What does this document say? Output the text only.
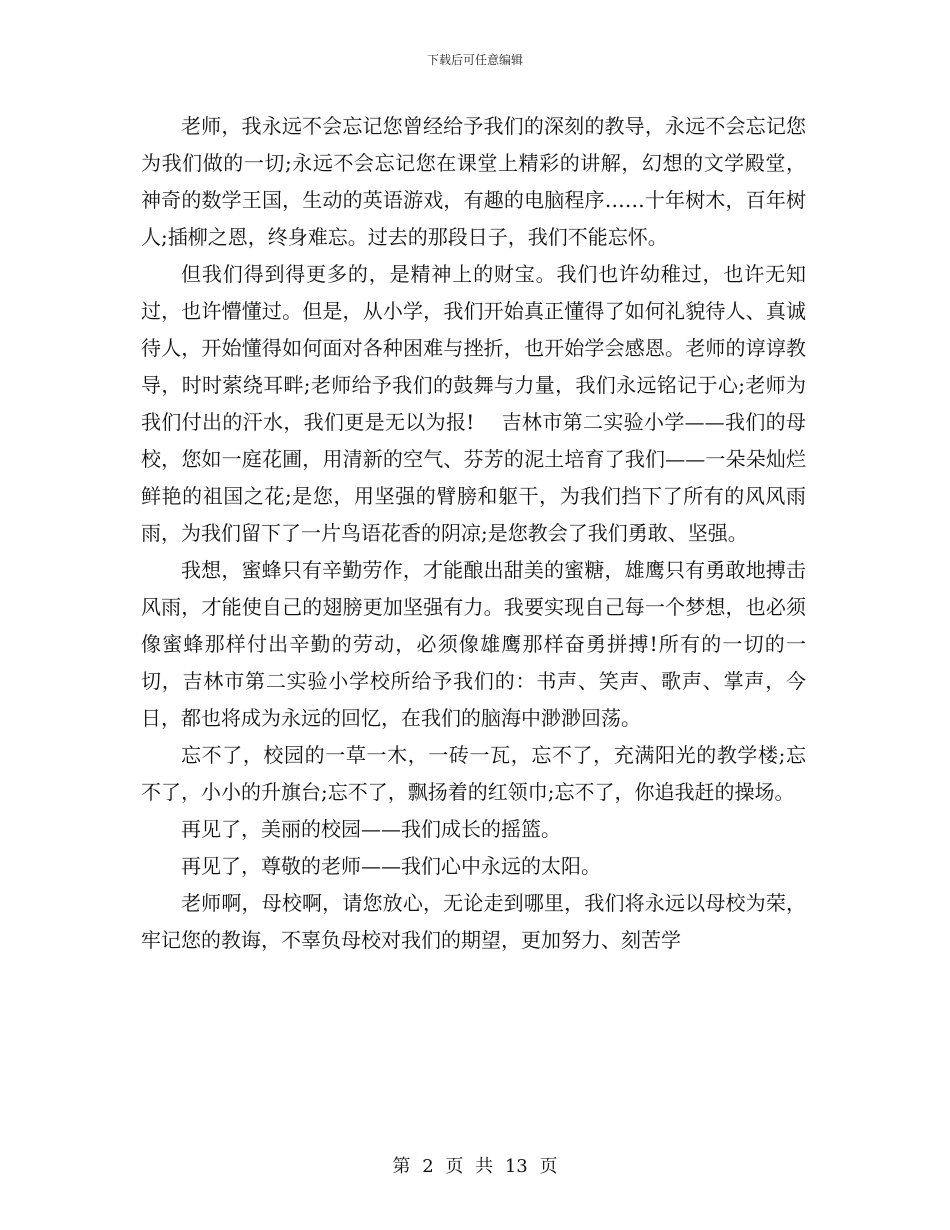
下载后可任意编辑

老师，我永远不会忘记您曾经给予我们的深刻的教导，永远不会忘记您为我们做的一切;永远不会忘记您在课堂上精彩的讲解，幻想的文学殿堂，神奇的数学王国，生动的英语游戏，有趣的电脑程序……十年树木，百年树人;插柳之恩，终身难忘。过去的那段日子，我们不能忘怀。

但我们得到得更多的，是精神上的财宝。我们也许幼稚过，也许无知过，也许懵懂过。但是，从小学，我们开始真正懂得了如何礼貌待人、真诚待人，开始懂得如何面对各种困难与挫折，也开始学会感恩。老师的谆谆教导，时时萦绕耳畔;老师给予我们的鼓舞与力量，我们永远铭记于心;老师为我们付出的汗水，我们更是无以为报!　 吉林市第二实验小学——我们的母校，您如一庭花圃，用清新的空气、芬芳的泥土培育了我们——一朵朵灿烂鲜艳的祖国之花;是您，用坚强的臂膀和躯干，为我们挡下了所有的风风雨雨，为我们留下了一片鸟语花香的阴凉;是您教会了我们勇敢、坚强。

我想，蜜蜂只有辛勤劳作，才能酿出甜美的蜜糖，雄鹰只有勇敢地搏击风雨，才能使自己的翅膀更加坚强有力。我要实现自己每一个梦想，也必须像蜜蜂那样付出辛勤的劳动，必须像雄鹰那样奋勇拼搏!所有的一切的一切，吉林市第二实验小学校所给予我们的：书声、笑声、歌声、掌声，今日，都也将成为永远的回忆，在我们的脑海中渺渺回荡。

忘不了，校园的一草一木，一砖一瓦，忘不了，充满阳光的教学楼;忘不了，小小的升旗台;忘不了，飘扬着的红领巾;忘不了，你追我赶的操场。

再见了，美丽的校园——我们成长的摇篮。

再见了，尊敬的老师——我们心中永远的太阳。

老师啊，母校啊，请您放心，无论走到哪里，我们将永远以母校为荣，牢记您的教诲，不辜负母校对我们的期望，更加努力、刻苦学

第 2 页 共 13 页
